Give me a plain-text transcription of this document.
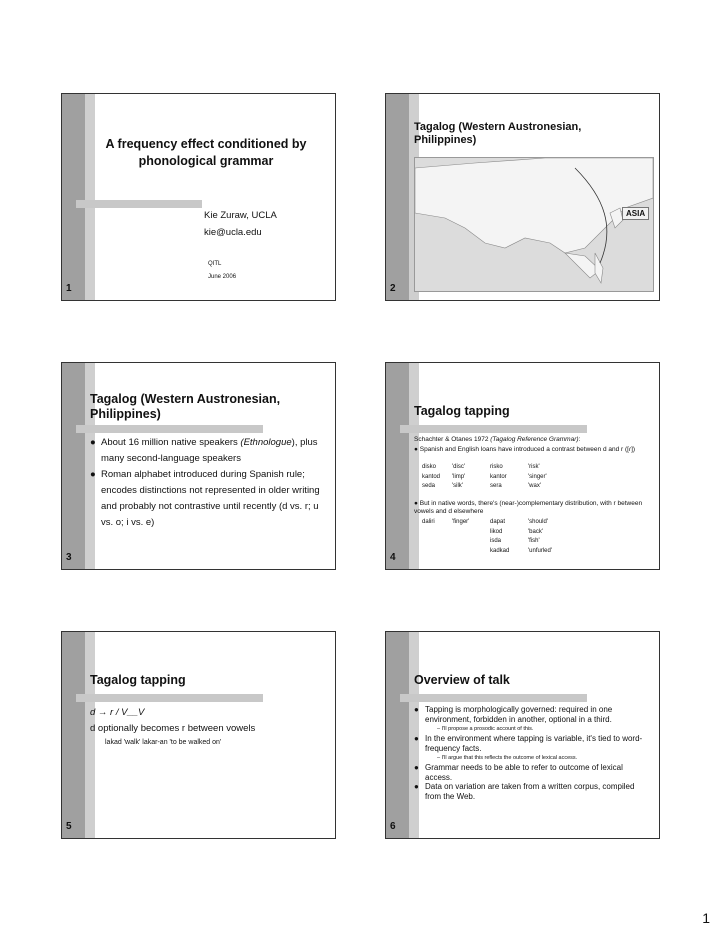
A frequency effect conditioned by phonological grammar
Kie Zuraw, UCLA
kie@ucla.edu
QITL
June 2006
1
Tagalog (Western Austronesian, Philippines)
ASIA
2
Tagalog (Western Austronesian, Philippines)
● About 16 million native speakers (Ethnologue), plus many second-language speakers
● Roman alphabet introduced during Spanish rule; encodes distinctions not represented in older writing and probably not contrastive until recently (d vs. r; u vs. o; i vs. e)
3
Tagalog tapping
Schachter & Otanes 1972 (Tagalog Reference Grammar):
● Spanish and English loans have introduced a contrast between d and r ([ɾ])
● But in native words, there's (near-)complementary distribution, with r between vowels and d elsewhere
4
disko	'disc'	risko	'risk'
kantod 'limp'	kantor	'singer'
seda	'silk'	sera	'wax'
daliri	'finger'	dapat	'should'
likod	'back'
isda	'fish'
kadkad	'unfurled'
Tagalog tapping
d → r / V__V
d optionally becomes r between vowels
lakad 'walk' lakar-an 'to be walked on'
5
Overview of talk
● Tapping is morphologically governed: required in one environment, forbidden in another, optional in a third.
– I'll propose a prosodic account of this.
● In the environment where tapping is variable, it's tied to word-frequency facts.
– I'll argue that this reflects the outcome of lexical access.
● Grammar needs to be able to refer to outcome of lexical access.
● Data on variation are taken from a written corpus, compiled from the Web.
6
1
